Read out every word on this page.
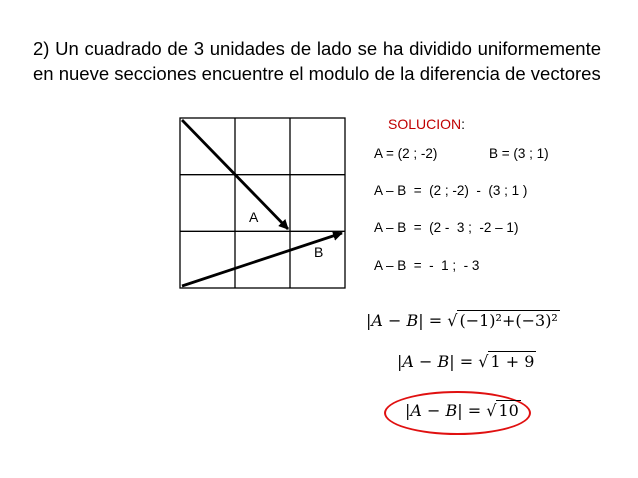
2) Un cuadrado de 3 unidades de lado se ha dividido uniformemente en nueve secciones encuentre el modulo de la diferencia de vectores

A
B
SOLUCION:
A = (2 ; -2)	B = (3 ; 1)
A – B  =  (2 ; -2)  -  (3 ; 1 )
A – B  =  (2 -  3 ;  -2 – 1)
A – B  =  -  1 ;  - 3
|A − B| = √ (−1)²+(−3)²
|A − B| = √ 1 + 9
|A − B| = √ 10
